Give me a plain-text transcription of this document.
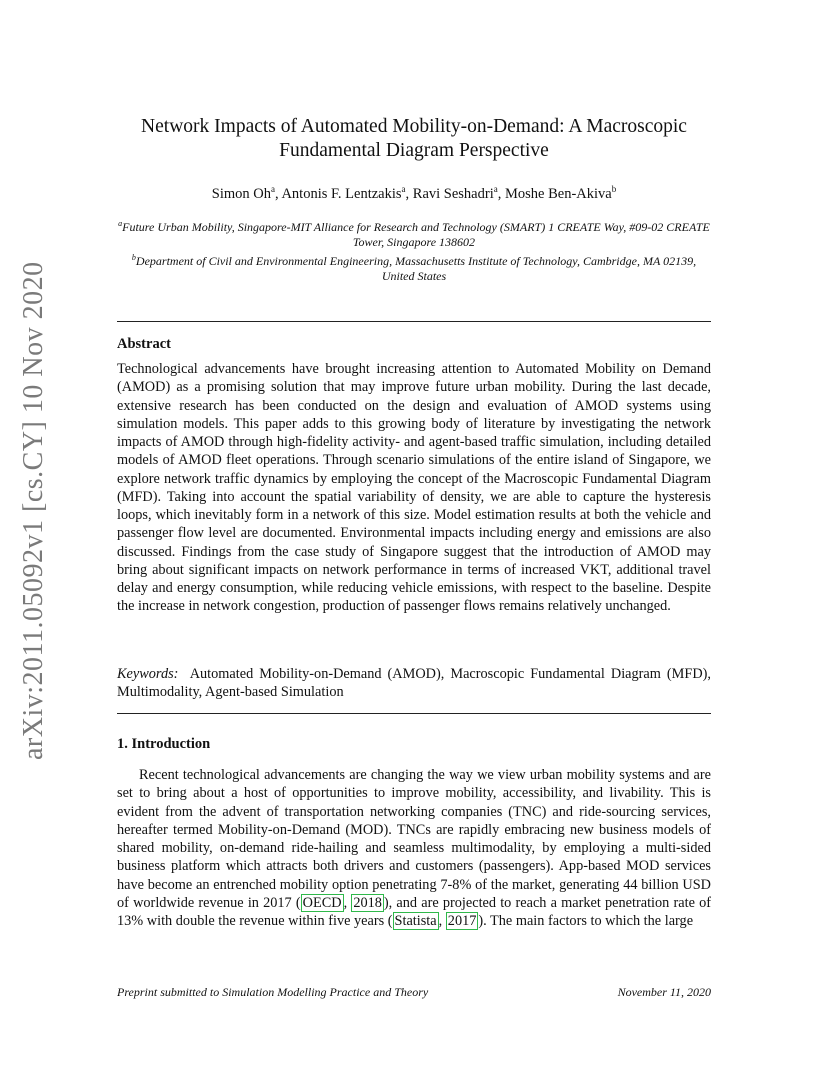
arXiv:2011.05092v1 [cs.CY] 10 Nov 2020
Network Impacts of Automated Mobility-on-Demand: A Macroscopic Fundamental Diagram Perspective
Simon Oh$^a$, Antonis F. Lentzakis$^a$, Ravi Seshadri$^a$, Moshe Ben-Akiva$^b$
$^a$Future Urban Mobility, Singapore-MIT Alliance for Research and Technology (SMART) 1 CREATE Way, #09-02 CREATE Tower, Singapore 138602
$^b$Department of Civil and Environmental Engineering, Massachusetts Institute of Technology, Cambridge, MA 02139, United States
Abstract
Technological advancements have brought increasing attention to Automated Mobility on Demand (AMOD) as a promising solution that may improve future urban mobility. During the last decade, extensive research has been conducted on the design and evaluation of AMOD systems using simulation models. This paper adds to this growing body of literature by investigating the network impacts of AMOD through high-fidelity activity- and agent-based traffic simulation, including detailed models of AMOD fleet operations. Through scenario simulations of the entire island of Singapore, we explore network traffic dynamics by employing the concept of the Macroscopic Fundamental Diagram (MFD). Taking into account the spatial variability of density, we are able to capture the hysteresis loops, which inevitably form in a network of this size. Model estimation results at both the vehicle and passenger flow level are documented. Environmental impacts including energy and emissions are also discussed. Findings from the case study of Singapore suggest that the introduction of AMOD may bring about significant impacts on network performance in terms of increased VKT, additional travel delay and energy consumption, while reducing vehicle emissions, with respect to the baseline. Despite the increase in network congestion, production of passenger flows remains relatively unchanged.
Keywords: Automated Mobility-on-Demand (AMOD), Macroscopic Fundamental Diagram (MFD), Multimodality, Agent-based Simulation
1. Introduction
Recent technological advancements are changing the way we view urban mobility systems and are set to bring about a host of opportunities to improve mobility, accessibility, and livability. This is evident from the advent of transportation networking companies (TNC) and ride-sourcing services, hereafter termed Mobility-on-Demand (MOD). TNCs are rapidly embracing new business models of shared mobility, on-demand ride-hailing and seamless multimodality, by employing a multi-sided business platform which attracts both drivers and customers (passengers). App-based MOD services have become an entrenched mobility option penetrating 7-8% of the market, generating 44 billion USD of worldwide revenue in 2017 ( OECD , 2018 ), and are projected to reach a market penetration rate of 13% with double the revenue within five years ( Statista , 2017 ). The main factors to which the large
Preprint submitted to Simulation Modelling Practice and Theory	November 11, 2020
